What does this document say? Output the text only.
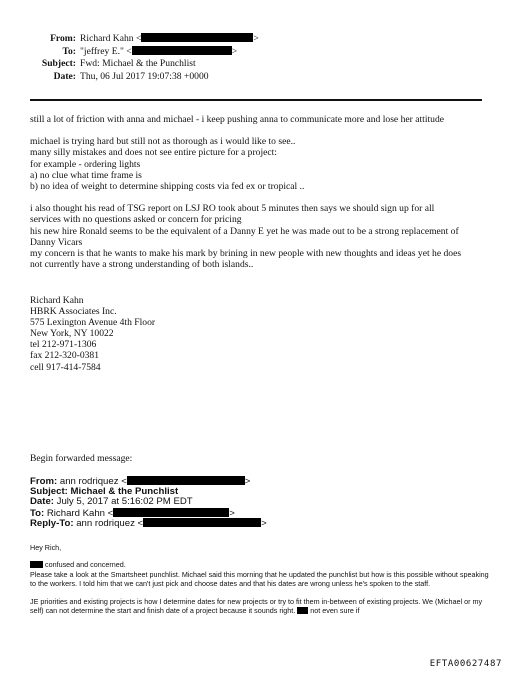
From: Richard Kahn <	>
To: "jeffrey E." <	>
Subject: Fwd: Michael & the Punchlist
Date: Thu, 06 Jul 2017 19:07:38 +0000

still a lot of friction with anna and michael - i keep pushing anna to communicate more and lose her attitude

michael is trying hard but still not as thorough as i would like to see..

many silly mistakes and does not see entire picture for a project:

for example - ordering lights

a) no clue what time frame is

b) no idea of weight to determine shipping costs via fed ex or tropical ..

i also thought his read of TSG report on LSJ RO took about 5 minutes then says we should sign up for all

services with no questions asked or concern for pricing

his new hire Ronald seems to be the equivalent of a Danny E yet he was made out to be a strong replacement of

Danny Vicars

my concern is that he wants to make his mark by brining in new people with new thoughts and ideas yet he does

not currently have a strong understanding of both islands..

Richard Kahn
HBRK Associates Inc.
575 Lexington Avenue 4th Floor
New York, NY 10022
tel 212-971-1306
fax 212-320-0381
cell 917-414-7584
Begin forwarded message:
From: ann rodriquez <	>
Subject: Michael & the Punchlist
Date: July 5, 2017 at 5:16:02 PM EDT
To: Richard Kahn <	>
Reply-To: ann rodriquez <	>

Hey Rich,

confused and concerned.

Please take a look at the Smartsheet punchlist. Michael said this morning that he updated the punchlist but how is this possible without speaking to the workers. I told him that we can't just pick and choose dates and that his dates are wrong unless he's spoken to the staff.

JE priorities and existing projects is how I determine dates for new projects or try to fit them in-between of existing projects. We (Michael or my self) can not determine the start and finish date of a project because it sounds right. not even sure if

EFTA00627487
